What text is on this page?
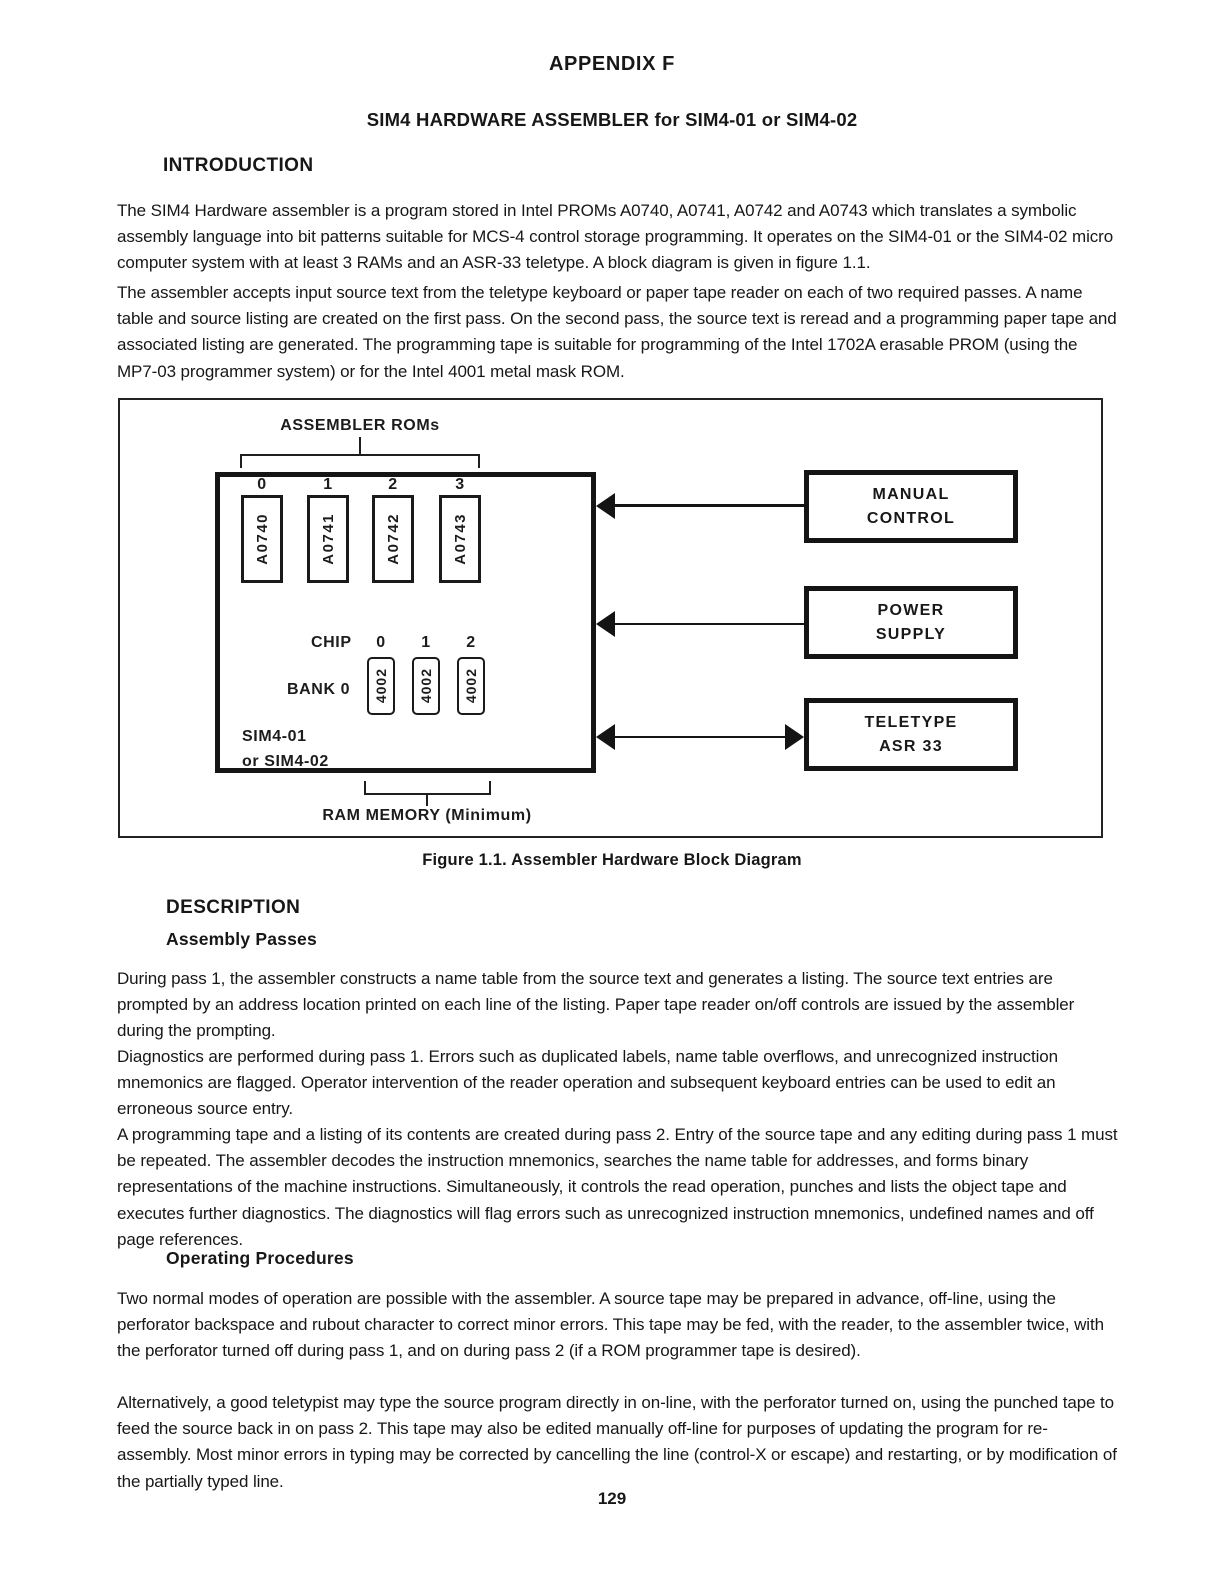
APPENDIX F
SIM4 HARDWARE ASSEMBLER for SIM4-01 or SIM4-02
INTRODUCTION
The SIM4 Hardware assembler is a program stored in Intel PROMs A0740, A0741, A0742 and A0743 which translates a symbolic assembly language into bit patterns suitable for MCS-4 control storage programming. It operates on the SIM4-01 or the SIM4-02 micro computer system with at least 3 RAMs and an ASR-33 teletype. A block diagram is given in figure 1.1.
The assembler accepts input source text from the teletype keyboard or paper tape reader on each of two required passes. A name table and source listing are created on the first pass. On the second pass, the source text is reread and a programming paper tape and associated listing are generated. The programming tape is suitable for programming of the Intel 1702A erasable PROM (using the MP7-03 programmer system) or for the Intel 4001 metal mask ROM.
ASSEMBLER ROMs
0	1	2	3
A0740	A0741	A0742	A0743
CHIP	0	1	2
BANK 0 4002 4002 4002
SIM4-01
or SIM4-02
RAM MEMORY (Minimum)
MANUAL
CONTROL
POWER
SUPPLY
TELETYPE
ASR 33
Figure 1.1. Assembler Hardware Block Diagram
DESCRIPTION
Assembly Passes
During pass 1, the assembler constructs a name table from the source text and generates a listing. The source text entries are prompted by an address location printed on each line of the listing. Paper tape reader on/off controls are issued by the assembler during the prompting.
Diagnostics are performed during pass 1. Errors such as duplicated labels, name table overflows, and unrecognized instruction mnemonics are flagged. Operator intervention of the reader operation and subsequent keyboard entries can be used to edit an erroneous source entry.
A programming tape and a listing of its contents are created during pass 2. Entry of the source tape and any editing during pass 1 must be repeated. The assembler decodes the instruction mnemonics, searches the name table for addresses, and forms binary representations of the machine instructions. Simultaneously, it controls the read operation, punches and lists the object tape and executes further diagnostics. The diagnostics will flag errors such as unrecognized instruction mnemonics, undefined names and off page references.
Operating Procedures
Two normal modes of operation are possible with the assembler. A source tape may be prepared in advance, off-line, using the perforator backspace and rubout character to correct minor errors. This tape may be fed, with the reader, to the assembler twice, with the perforator turned off during pass 1, and on during pass 2 (if a ROM programmer tape is desired).
Alternatively, a good teletypist may type the source program directly in on-line, with the perforator turned on, using the punched tape to feed the source back in on pass 2. This tape may also be edited manually off-line for purposes of updating the program for re-assembly. Most minor errors in typing may be corrected by cancelling the line (control-X or escape) and restarting, or by modification of the partially typed line.
129
